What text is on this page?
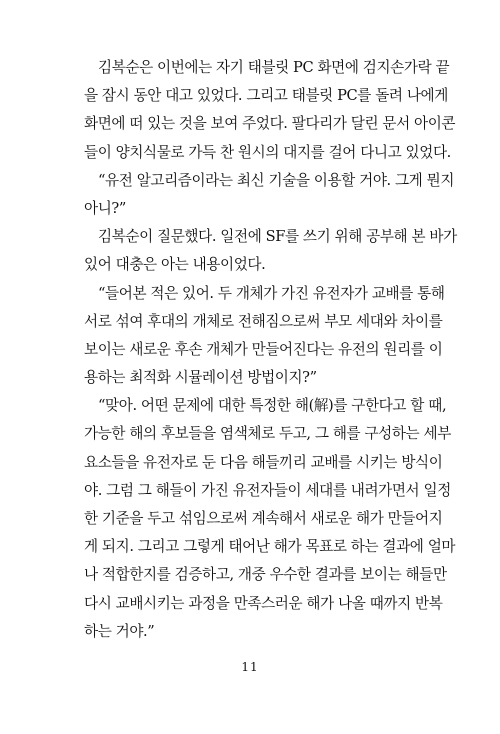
김복순은 이번에는 자기 태블릿 PC 화면에 검지손가락 끝
을 잠시 동안 대고 있었다. 그리고 태블릿 PC를 돌려 나에게
화면에 떠 있는 것을 보여 주었다. 팔다리가 달린 문서 아이콘
들이 양치식물로 가득 찬 원시의 대지를 걸어 다니고 있었다.
“유전 알고리즘이라는 최신 기술을 이용할 거야. 그게 뭔지
아니?”
김복순이 질문했다. 일전에 SF를 쓰기 위해 공부해 본 바가
있어 대충은 아는 내용이었다.
“들어본 적은 있어. 두 개체가 가진 유전자가 교배를 통해
서로 섞여 후대의 개체로 전해짐으로써 부모 세대와 차이를
보이는 새로운 후손 개체가 만들어진다는 유전의 원리를 이
용하는 최적화 시뮬레이션 방법이지?”
“맞아. 어떤 문제에 대한 특정한 해(解)를 구한다고 할 때,
가능한 해의 후보들을 염색체로 두고, 그 해를 구성하는 세부
요소들을 유전자로 둔 다음 해들끼리 교배를 시키는 방식이
야. 그럼 그 해들이 가진 유전자들이 세대를 내려가면서 일정
한 기준을 두고 섞임으로써 계속해서 새로운 해가 만들어지
게 되지. 그리고 그렇게 태어난 해가 목표로 하는 결과에 얼마
나 적합한지를 검증하고, 개중 우수한 결과를 보이는 해들만
다시 교배시키는 과정을 만족스러운 해가 나올 때까지 반복
하는 거야.”
11
